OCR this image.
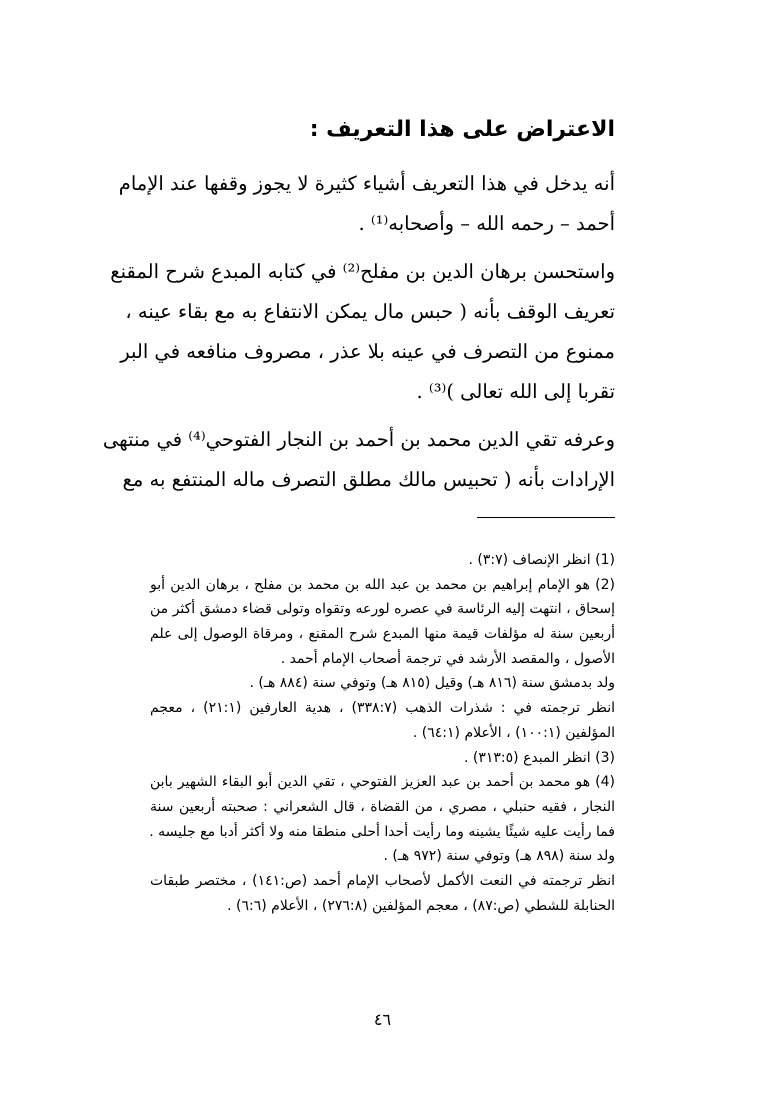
الاعتراض على هذا التعريف :

أنه يدخل في هذا التعريف أشياء كثيرة لا يجوز وقفها عند الإمام
أحمد – رحمه الله – وأصحابه⁽¹⁾ .

واستحسن برهان الدين بن مفلح⁽²⁾ في كتابه المبدع شرح المقنع
تعريف الوقف بأنه ( حبس مال يمكن الانتفاع به مع بقاء عينه ،
ممنوع من التصرف في عينه بلا عذر ، مصروف منافعه في البر
تقربا إلى الله تعالى )⁽³⁾ .

وعرفه تقي الدين محمد بن أحمد بن النجار الفتوحي⁽⁴⁾ في منتهى
الإرادات بأنه ( تحبيس مالك مطلق التصرف ماله المنتفع به مع

(1) انظر الإنصاف (٣:٧) .

(2) هو الإمام إبراهيم بن محمد بن عبد الله بن محمد بن مفلح ، برهان الدين أبو
إسحاق ، انتهت إليه الرئاسة في عصره لورعه وتقواه وتولى قضاء دمشق أكثر من
أربعين سنة له مؤلفات قيمة منها المبدع شرح المقنع ، ومرقاة الوصول إلى علم
الأصول ، والمقصد الأرشد في ترجمة أصحاب الإمام أحمد .

ولد بدمشق سنة (٨١٦ هـ) وقيل (٨١٥ هـ) وتوفي سنة (٨٨٤ هـ) .

انظر ترجمته في : شذرات الذهب (٣٣٨:٧) ، هدية العارفين (٢١:١) ، معجم
المؤلفين (١٠٠:١) ، الأعلام (٦٤:١) .

(3) انظر المبدع (٣١٣:٥) .

(4) هو محمد بن أحمد بن عبد العزيز الفتوحي ، تقي الدين أبو البقاء الشهير بابن
النجار ، فقيه حنبلي ، مصري ، من القضاة ، قال الشعراني : صحبته أربعين سنة
فما رأيت عليه شيئًا يشينه وما رأيت أحدا أحلى منطقا منه ولا أكثر أدبا مع جليسه .

ولد سنة (٨٩٨ هـ) وتوفي سنة (٩٧٢ هـ) .

انظر ترجمته في النعت الأكمل لأصحاب الإمام أحمد (ص:١٤١) ، مختصر طبقات
الحنابلة للشطي (ص:٨٧) ، معجم المؤلفين (٢٧٦:٨) ، الأعلام (٦:٦) .

٤٦
